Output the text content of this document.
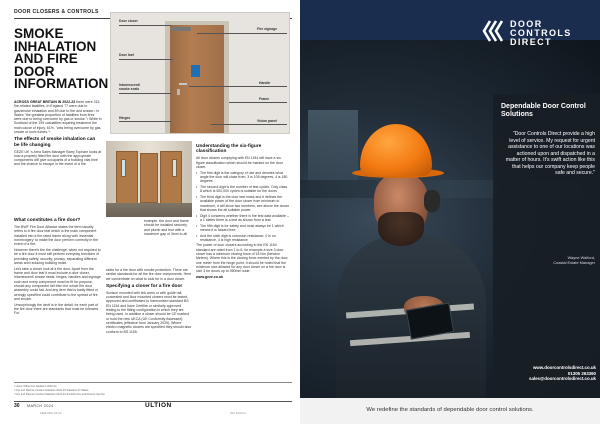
DOOR CLOSERS & CONTROLS
SMOKE
INHALATION
AND FIRE
DOOR
INFORMATION

ACROSS GREAT BRITAIN IN 2022-23 there were 315 fire-related fatalities. In England 77 were due to gas/smoke inhalation and 89 due to fire and smoke.¹ In Wales "the greatest proportion of fatalities from fires were due to being overcome by gas or smoke."² While in Scotland of the 199 casualties requiring treatment the main cause of injury, 61%, "was being overcome by gas, smoke or toxic fumes."³

The effects of smoke inhalation can be life changing

GEZE UK 's Area Sales Manager Barry Topham looks at how a properly fitted fire door with the appropriate components will give occupants of a building vital time and the chance to escape in the event of a fire.

What constitutes a fire door?

The BWF Fire Door Alliance states the term usually refers to a fire door leaf which is the main component installed into a fire rated frame along with 'essential ironmongery' to make the door perform correctly in the event of a fire.

However there's the the challenge, when not required to be a fire door it must still perform everyday functions of providing safety, security, privacy, separating different areas and reducing building noise.

Let's take a closer look at a fire door. Apart from the frame and door leaf it must include a door closer, intumescent/ smoke seals, hinges, handles and signage such and every component must be fit for purpose, should any component fail then the whole fire door assembly could fail. And any item that is badly fitted or wrongly specified could contribute to the spread of fire and smoke.

Unsurprisingly the devil is in the detail; for each part of the fire door there are standards that must be followed. For

Door closer
Fire signage
Door leaf
Handle
Intumescent/ smoke seals
Frame
Hinges
Vision panel

example, the door and frame should be installed securely and plumb and true with a maximum gap of 3mm to all

sides for a fire door with smoke protection. There are similar standards for all the fire door components. Here we concentrate on what to look for in a door closer.

Specifying a closer for a fire door

Surface mounted with link arms or with guide rail, concealed and floor mounted closers must be tested, approved and certificated to harmonised standard BS EN 1154 and have Certifire or similarly approved testing to the fitting configuration in which they are being used. In addition a closer should be CE marked or hold the new UKCA (UK Conformity Assessed) certificates (effective from January 2025). Where electro-magnetic closers are specified they should also conform to BS 1155.

Understanding the six-figure classification

All door closers complying with EN 1154 will have a six-figure classification which should be marked on the door closer.

• The first digit is the category of use and denotes what angle the door will close from; 3 is 105 degrees, 4 is 180 degrees
• The second digit is the number of test cycles. Only class 8 which is 500,000 cycles is suitable for fire doors
• The third digit is the door test mass and it defines the available power of the door closer from minimum to maximum, it will show two numbers, see above the closer that shows the all suitable power.
• Digit 4 concerns whether there is fire test data available – a 1 states there is a test as shown from a test.
• The fifth digit is for safety and must always be 1 which means it is hazard free
• And the sixth digit is corrosion resistance. 0 is no resistance, 4 is high resistance

The power of door closers according to the EN 1154 standard are rated from 1 to 6, for example a size 3 door closer has a minimum closing force of 18 Nm (Newton Meters). Where this is the closing force exerted by the door, one meter from the hinge point. It should be noted that the minimum size allowed for any door closer on a fire door is size 3 for doors up to 950mm wide.

www.geze.co.uk

¹ Home Office Fire Statistics 2022-23
² Fire and Rescue Incident Statistics 2022-23 Statistics for Wales
³ Fire and Rescue Incident Statistics 2022-23 Scottish Fire and Rescue Service
30 MARCH 2024	ULTION
GEZE Office UK Ltd	Door Solutions
DOOR
CONTROLS
DIRECT
Dependable Door Control Solutions
"Door Controls Direct provide a high level of service. My request for urgent assistance to one of our locations was actioned upon and dispatched in a matter of hours. It's swift action like this that helps our company keep people safe and secure."
Wayne Walford,
Coastal Estate Manager
www.doorcontrolsdirect.co.uk
01305 263360
sales@doorcontrolsdirect.co.uk
We redefine the standards of dependable door control solutions.
